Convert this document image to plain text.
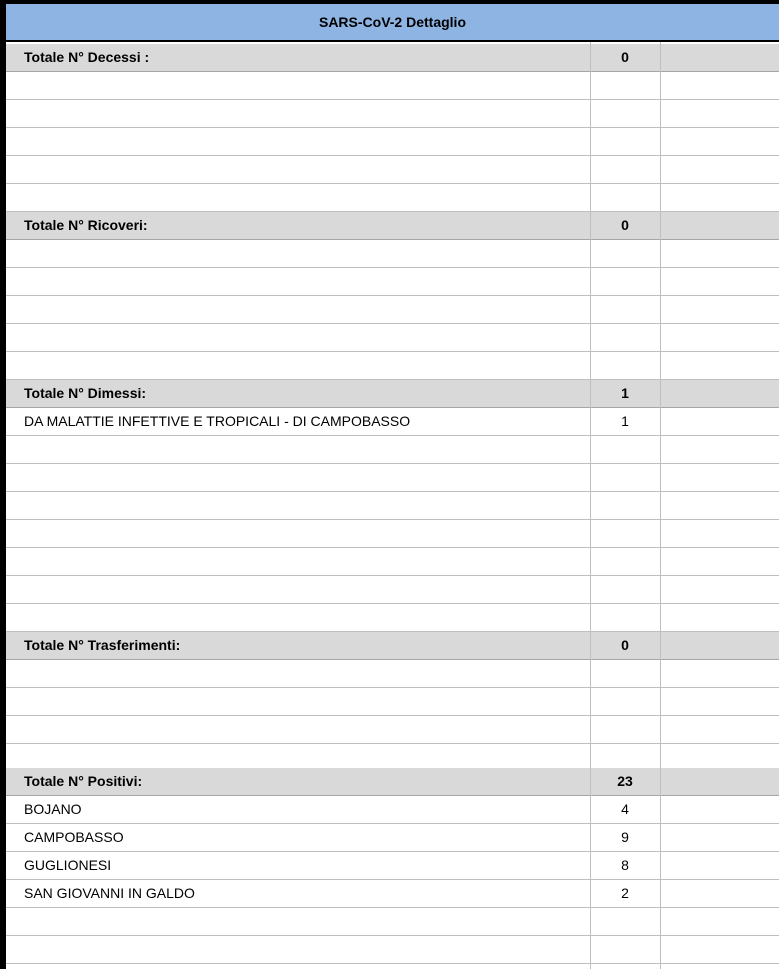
SARS-CoV-2 Dettaglio
Totale N° Decessi :	0
Totale N° Ricoveri:	0
Totale N° Dimessi:	1
DA MALATTIE INFETTIVE E TROPICALI - DI CAMPOBASSO	1
Totale N° Trasferimenti:	0
Totale N° Positivi:	23
BOJANO	4
CAMPOBASSO	9
GUGLIONESI	8
SAN GIOVANNI IN GALDO	2
